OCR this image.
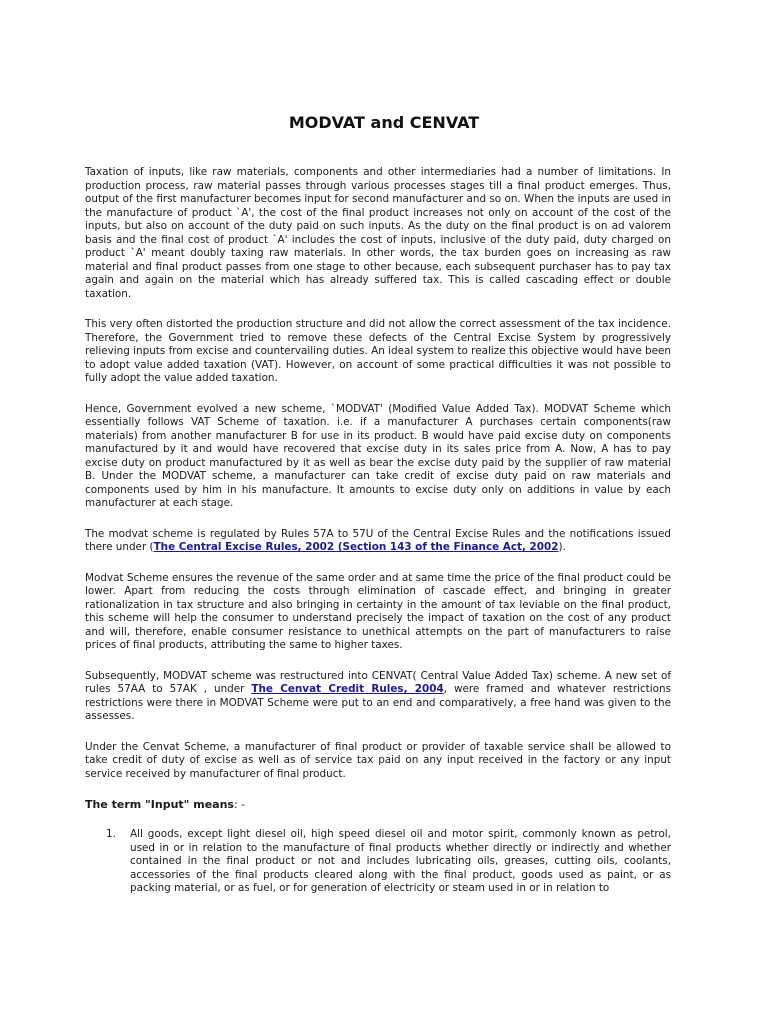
MODVAT and CENVAT

Taxation of inputs, like raw materials, components and other intermediaries had a number of limitations. In production process, raw material passes through various processes stages till a final product emerges. Thus, output of the first manufacturer becomes input for second manufacturer and so on. When the inputs are used in the manufacture of product `A', the cost of the final product increases not only on account of the cost of the inputs, but also on account of the duty paid on such inputs. As the duty on the final product is on ad valorem basis and the final cost of product `A' includes the cost of inputs, inclusive of the duty paid, duty charged on product `A' meant doubly taxing raw materials. In other words, the tax burden goes on increasing as raw material and final product passes from one stage to other because, each subsequent purchaser has to pay tax again and again on the material which has already suffered tax. This is called cascading effect or double taxation.

This very often distorted the production structure and did not allow the correct assessment of the tax incidence. Therefore, the Government tried to remove these defects of the Central Excise System by progressively relieving inputs from excise and countervailing duties. An ideal system to realize this objective would have been to adopt value added taxation (VAT). However, on account of some practical difficulties it was not possible to fully adopt the value added taxation.

Hence, Government evolved a new scheme, `MODVAT' (Modified Value Added Tax). MODVAT Scheme which essentially follows VAT Scheme of taxation. i.e. if a manufacturer A purchases certain components(raw materials) from another manufacturer B for use in its product. B would have paid excise duty on components manufactured by it and would have recovered that excise duty in its sales price from A. Now, A has to pay excise duty on product manufactured by it as well as bear the excise duty paid by the supplier of raw material B. Under the MODVAT scheme, a manufacturer can take credit of excise duty paid on raw materials and components used by him in his manufacture. It amounts to excise duty only on additions in value by each manufacturer at each stage.

The modvat scheme is regulated by Rules 57A to 57U of the Central Excise Rules and the notifications issued there under (The Central Excise Rules, 2002 (Section 143 of the Finance Act, 2002).

Modvat Scheme ensures the revenue of the same order and at same time the price of the final product could be lower. Apart from reducing the costs through elimination of cascade effect, and bringing in greater rationalization in tax structure and also bringing in certainty in the amount of tax leviable on the final product, this scheme will help the consumer to understand precisely the impact of taxation on the cost of any product and will, therefore, enable consumer resistance to unethical attempts on the part of manufacturers to raise prices of final products, attributing the same to higher taxes.

Subsequently, MODVAT scheme was restructured into CENVAT( Central Value Added Tax) scheme. A new set of rules 57AA to 57AK , under The Cenvat Credit Rules, 2004, were framed and whatever restrictions restrictions were there in MODVAT Scheme were put to an end and comparatively, a free hand was given to the assesses.

Under the Cenvat Scheme, a manufacturer of final product or provider of taxable service shall be allowed to take credit of duty of excise as well as of service tax paid on any input received in the factory or any input service received by manufacturer of final product.

The term "Input" means: -

1. All goods, except light diesel oil, high speed diesel oil and motor spirit, commonly known as petrol, used in or in relation to the manufacture of final products whether directly or indirectly and whether contained in the final product or not and includes lubricating oils, greases, cutting oils, coolants, accessories of the final products cleared along with the final product, goods used as paint, or as packing material, or as fuel, or for generation of electricity or steam used in or in relation to
